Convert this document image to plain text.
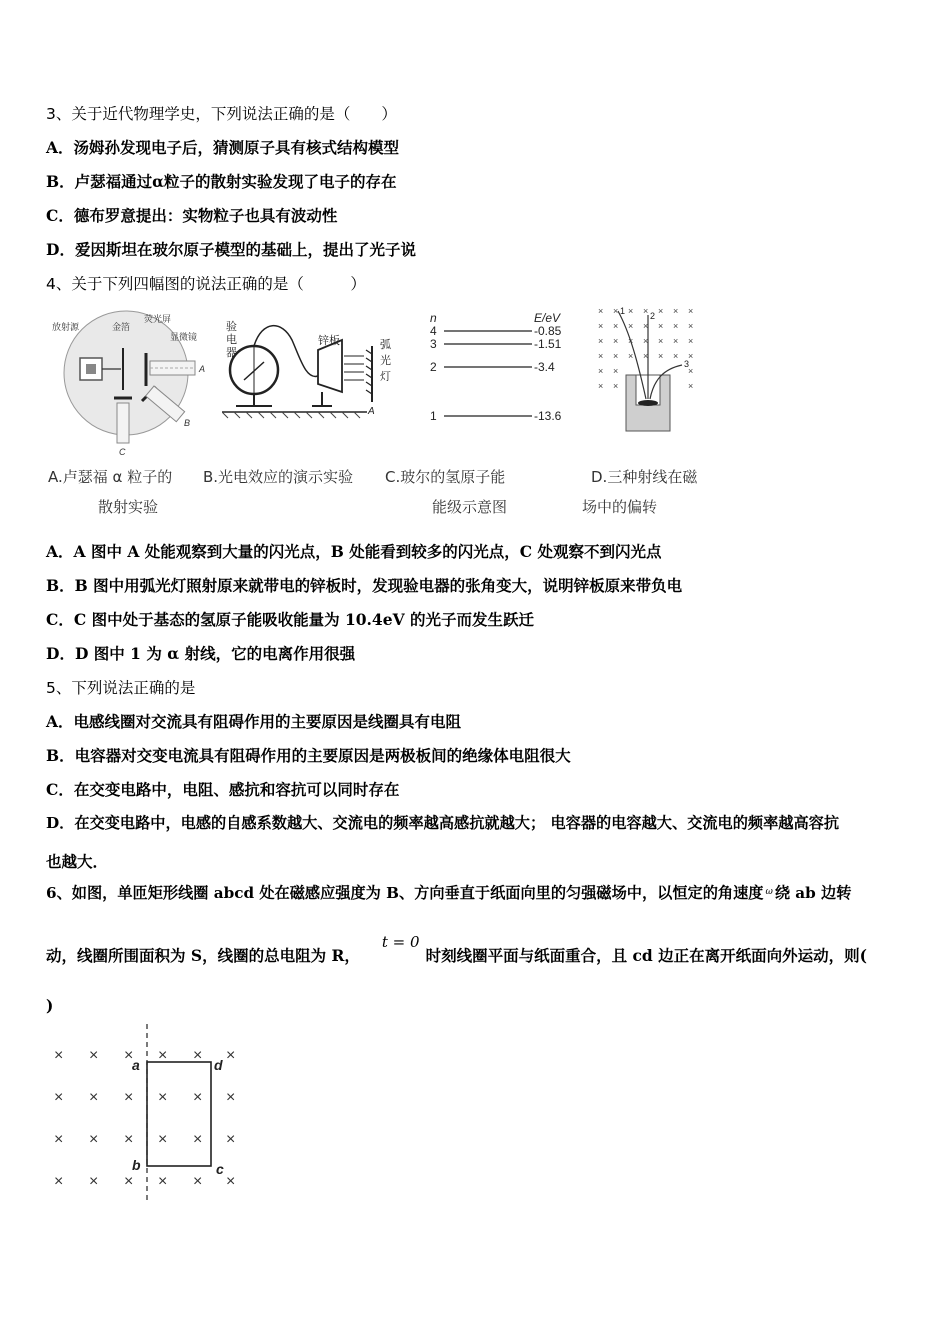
3、关于近代物理学史，下列说法正确的是（　　）
A．汤姆孙发现电子后，猜测原子具有核式结构模型
B．卢瑟福通过α粒子的散射实验发现了电子的存在
C．德布罗意提出：实物粒子也具有波动性
D．爱因斯坦在玻尔原子模型的基础上，提出了光子说
4、关于下列四幅图的说法正确的是（　　　）
放射源	金箔
荧光屏
显微镜
A
B
C
验
电
器
锌板	弧
光
灯
A
n	E/eV
4	-0.85
3	-1.51
2	-3.4
1	-13.6
× × × × × × ×
× × × × × × ×
× × × × × × ×
× × × × × × ×
× ×	×
× ×	×
1	2
3
A.卢瑟福 α 粒子的
散射实验
B.光电效应的演示实验 C.玻尔的氢原子能
能级示意图
D.三种射线在磁
场中的偏转
A．A 图中 A 处能观察到大量的闪光点，B 处能看到较多的闪光点，C 处观察不到闪光点
B．B 图中用弧光灯照射原来就带电的锌板时，发现验电器的张角变大，说明锌板原来带负电
C．C 图中处于基态的氢原子能吸收能量为 10.4eV 的光子而发生跃迁
D．D 图中 1 为 α 射线，它的电离作用很强
5、下列说法正确的是
A．电感线圈对交流具有阻碍作用的主要原因是线圈具有电阻
B．电容器对交变电流具有阻碍作用的主要原因是两极板间的绝缘体电阻很大
C．在交变电路中，电阻、感抗和容抗可以同时存在
D．在交变电路中，电感的自感系数越大、交流电的频率越高感抗就越大； 电容器的电容越大、交流电的频率越高容抗
也越大．
6、如图，单匝矩形线圈 abcd 处在磁感应强度为 B、方向垂直于纸面向里的匀强磁场中，以恒定的角速度 $^\omega$ 绕 ab 边转
动，线圈所围面积为 S，线圈的总电阻为 R，t = 0时刻线圈平面与纸面重合，且 cd 边正在离开纸面向外运动，则(
)
× × × × × ×
× × × × × ×
× × × × × ×
× × × × × ×
a	d
b	c
